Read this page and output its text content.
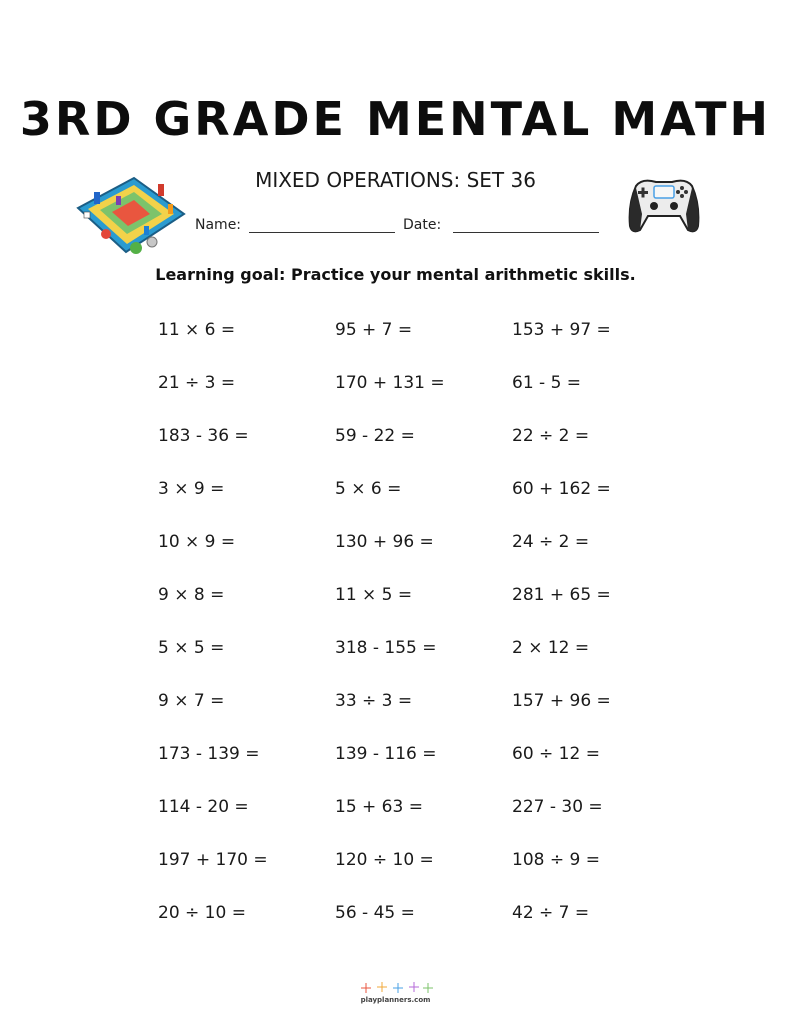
3RD GRADE MENTAL MATH
MIXED OPERATIONS: SET 36
Name:	Date:
Learning goal: Practice your mental arithmetic skills.
11 × 6 =	95 + 7 =	153 + 97 =
21 ÷ 3 =	170 + 131 =	61 - 5 =
183 - 36 =	59 - 22 =	22 ÷ 2 =
3 × 9 =	5 × 6 =	60 + 162 =
10 × 9 =	130 + 96 =	24 ÷ 2 =
9 × 8 =	11 × 5 =	281 + 65 =
5 × 5 =	318 - 155 =	2 × 12 =
9 × 7 =	33 ÷ 3 =	157 + 96 =
173 - 139 =	139 - 116 =	60 ÷ 12 =
114 - 20 =	15 + 63 =	227 - 30 =
197 + 170 =	120 ÷ 10 =	108 ÷ 9 =
20 ÷ 10 =	56 - 45 =	42 ÷ 7 =
playplanners.com
